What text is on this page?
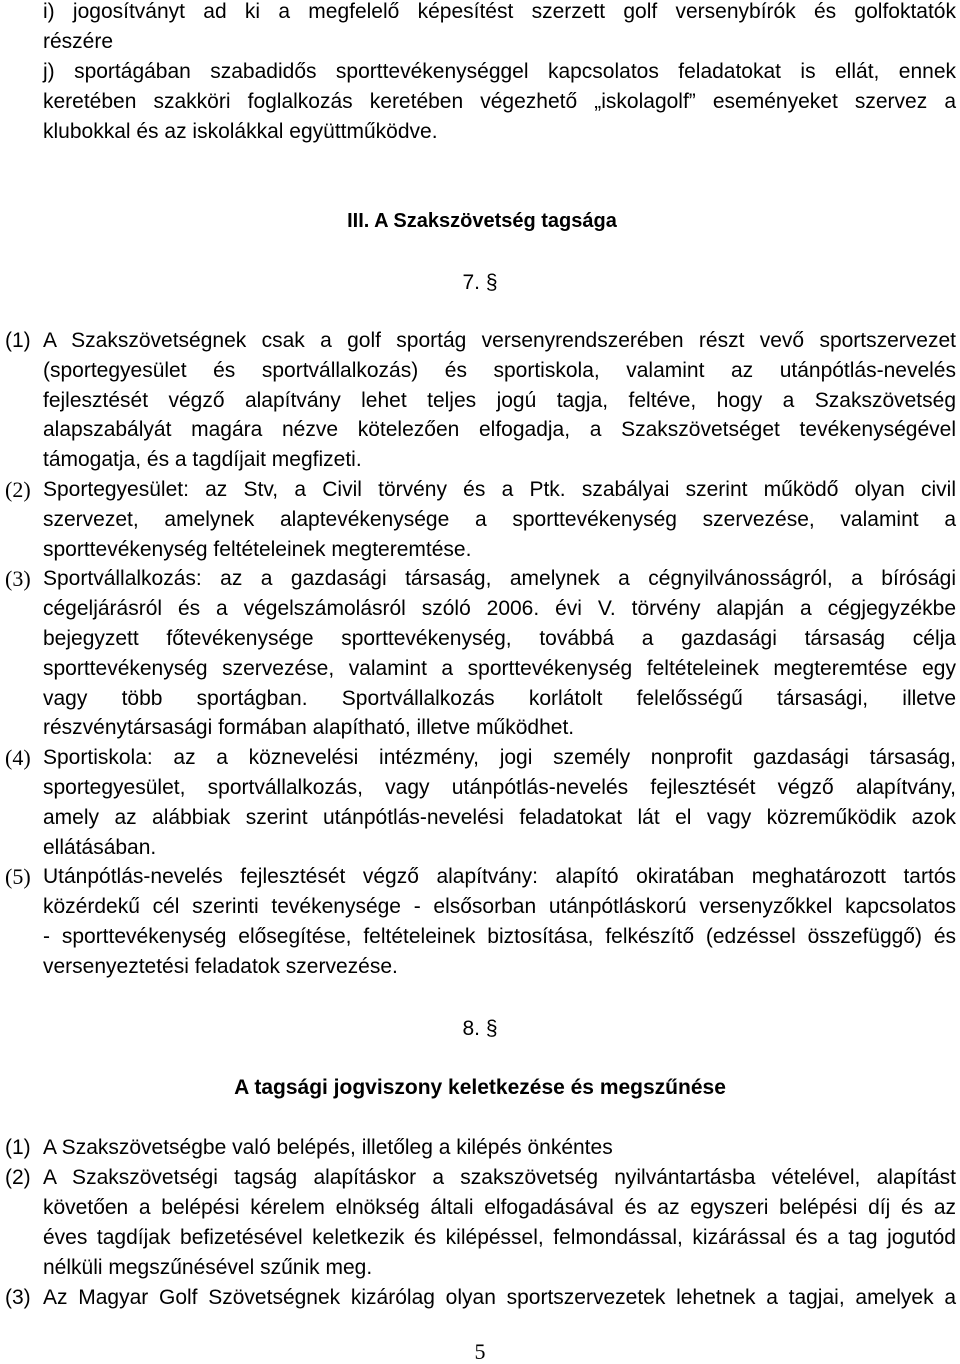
i) jogosítványt ad ki a megfelelő képesítést szerzett golf versenybírók és golfoktatók
részére
j) sportágában szabadidős sporttevékenységgel kapcsolatos feladatokat is ellát, ennek
keretében szakköri foglalkozás keretében végezhető „iskolagolf” eseményeket szervez a
klubokkal és az iskolákkal együttműködve.
III. A Szakszövetség tagsága
7. §
(1) A Szakszövetségnek csak a golf sportág versenyrendszerében részt vevő sportszervezet
(sportegyesület és sportvállalkozás) és sportiskola, valamint az utánpótlás-nevelés
fejlesztését végző alapítvány lehet teljes jogú tagja, feltéve, hogy a Szakszövetség
alapszabályát magára nézve kötelezően elfogadja, a Szakszövetséget tevékenységével
támogatja, és a tagdíjait megfizeti.
(2) Sportegyesület: az Stv, a Civil törvény és a Ptk. szabályai szerint működő olyan civil
szervezet, amelynek alaptevékenysége a sporttevékenység szervezése, valamint a
sporttevékenység feltételeinek megteremtése.
(3) Sportvállalkozás: az a gazdasági társaság, amelynek a cégnyilvánosságról, a bírósági
cégeljárásról és a végelszámolásról szóló 2006. évi V. törvény alapján a cégjegyzékbe
bejegyzett főtevékenysége sporttevékenység, továbbá a gazdasági társaság célja
sporttevékenység szervezése, valamint a sporttevékenység feltételeinek megteremtése egy
vagy több sportágban. Sportvállalkozás korlátolt felelősségű társasági, illetve
részvénytársasági formában alapítható, illetve működhet.
(4) Sportiskola: az a köznevelési intézmény, jogi személy nonprofit gazdasági társaság,
sportegyesület, sportvállalkozás, vagy utánpótlás-nevelés fejlesztését végző alapítvány,
amely az alábbiak szerint utánpótlás-nevelési feladatokat lát el vagy közreműködik azok
ellátásában.
(5) Utánpótlás-nevelés fejlesztését végző alapítvány: alapító okiratában meghatározott tartós
közérdekű cél szerinti tevékenysége - elsősorban utánpótláskorú versenyzőkkel kapcsolatos
- sporttevékenység elősegítése, feltételeinek biztosítása, felkészítő (edzéssel összefüggő) és
versenyeztetési feladatok szervezése.
8. §
A tagsági jogviszony keletkezése és megszűnése
(1) A Szakszövetségbe való belépés, illetőleg a kilépés önkéntes
(2) A Szakszövetségi tagság alapításkor a szakszövetség nyilvántartásba vételével, alapítást
követően a belépési kérelem elnökség általi elfogadásával és az egyszeri belépési díj és az
éves tagdíjak befizetésével keletkezik és kilépéssel, felmondással, kizárással és a tag jogutód
nélküli megszűnésével szűnik meg.
(3) Az Magyar Golf Szövetségnek kizárólag olyan sportszervezetek lehetnek a tagjai, amelyek a
5
